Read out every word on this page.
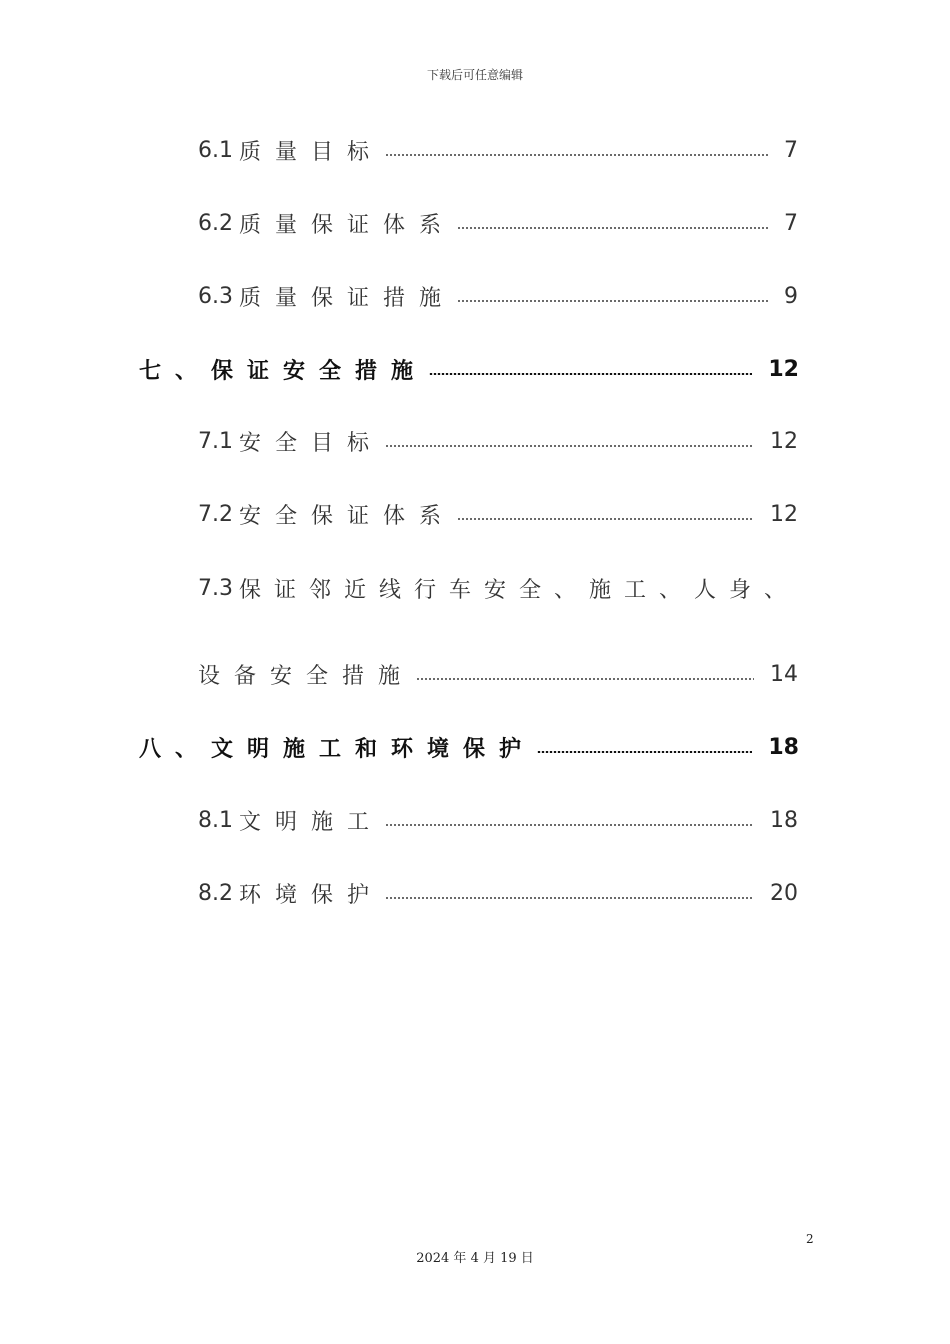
下载后可任意编辑
6.1 质量目标	7
6.2 质量保证体系	7
6.3 质量保证措施	9
七、保证安全措施	12
7.1 安全目标	12
7.2 安全保证体系	12
7.3 保证邻近线行车安全、施工、人身、
设备安全措施	14
八、文明施工和环境保护	18
8.1 文明施工	18
8.2 环境保护	20
2
2024 年 4 月 19 日
